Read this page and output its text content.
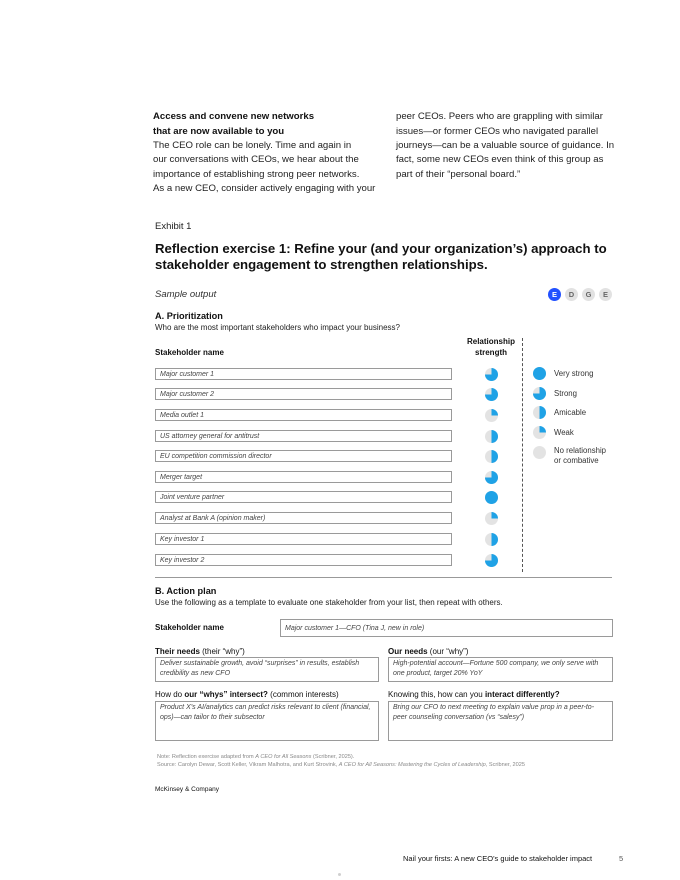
Access and convene new networks
that are now available to you
The CEO role can be lonely. Time and again in
our conversations with CEOs, we hear about the
importance of establishing strong peer networks.
As a new CEO, consider actively engaging with your
peer CEOs. Peers who are grappling with similar
issues—or former CEOs who navigated parallel
journeys—can be a valuable source of guidance. In
fact, some new CEOs even think of this group as
part of their “personal board.”
Exhibit 1
Reflection exercise 1: Refine your (and your organization’s) approach to
stakeholder engagement to strengthen relationships.
Sample output	E	D	G	E
A. Prioritization
Who are the most important stakeholders who impact your business?
Stakeholder name
Relationship
strength
Major customer 1
Major customer 2
Media outlet 1
US attorney general for antitrust
EU competition commission director
Merger target
Joint venture partner
Analyst at Bank A (opinion maker)
Key investor 1
Key investor 2
Very strong
Strong
Amicable
Weak
No relationship
or combative
B. Action plan
Use the following as a template to evaluate one stakeholder from your list, then repeat with others.
Stakeholder name	Major customer 1—CFO (Tina J, new in role)
Their needs (their “why”)
Deliver sustainable growth, avoid “surprises” in results, establish credibility as new CFO
Our needs (our “why”)
High-potential account—Fortune 500 company, we only serve with one product, target 20% YoY
How do our “whys” intersect? (common interests)
Product X’s AI/analytics can predict risks relevant to client (financial, ops)—can tailor to their subsector
Knowing this, how can you interact differently?
Bring our CFO to next meeting to explain value prop in a peer-to-peer counseling conversation (vs “salesy”)
Note: Reflection exercise adapted from A CEO for All Seasons (Scribner, 2025).
Source: Carolyn Dewar, Scott Keller, Vikram Malhotra, and Kurt Strovink, A CEO for All Seasons: Mastering the Cycles of Leadership, Scribner, 2025
McKinsey & Company
Nail your firsts: A new CEO’s guide to stakeholder impact	5
